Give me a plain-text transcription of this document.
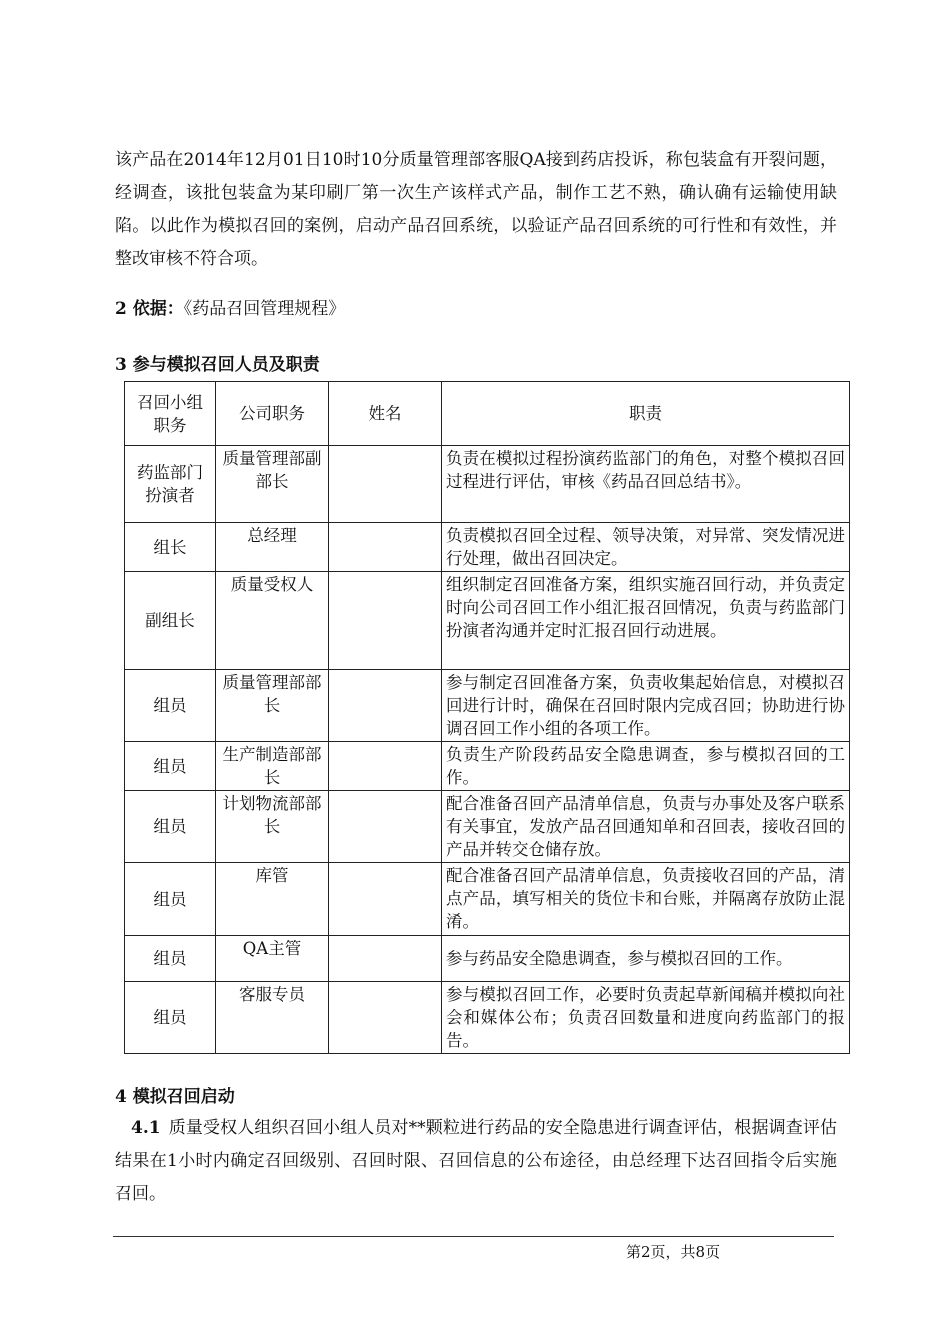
该产品在2014年12月01日10时10分质量管理部客服QA接到药店投诉，称包装盒有开裂问题，经调查，该批包装盒为某印刷厂第一次生产该样式产品，制作工艺不熟，确认确有运输使用缺陷。以此作为模拟召回的案例，启动产品召回系统，以验证产品召回系统的可行性和有效性，并整改审核不符合项。

2 依据：《药品召回管理规程》

3 参与模拟召回人员及职责

召回小组职务	公司职务	姓名	职责
药监部门扮演者	质量管理部副部长		负责在模拟过程扮演药监部门的角色，对整个模拟召回过程进行评估，审核《药品召回总结书》。
组长	总经理		负责模拟召回全过程、领导决策，对异常、突发情况进行处理，做出召回决定。
副组长	质量受权人		组织制定召回准备方案，组织实施召回行动，并负责定时向公司召回工作小组汇报召回情况，负责与药监部门扮演者沟通并定时汇报召回行动进展。
组员	质量管理部部长		参与制定召回准备方案，负责收集起始信息，对模拟召回进行计时，确保在召回时限内完成召回；协助进行协调召回工作小组的各项工作。
组员	生产制造部部长		负责生产阶段药品安全隐患调查，参与模拟召回的工作。
组员	计划物流部部长		配合准备召回产品清单信息，负责与办事处及客户联系有关事宜，发放产品召回通知单和召回表，接收召回的产品并转交仓储存放。
组员	库管		配合准备召回产品清单信息，负责接收召回的产品，清点产品，填写相关的货位卡和台账，并隔离存放防止混淆。
组员	QA主管		参与药品安全隐患调查，参与模拟召回的工作。
组员	客服专员		参与模拟召回工作，必要时负责起草新闻稿并模拟向社会和媒体公布；负责召回数量和进度向药监部门的报告。

4 模拟召回启动

4.1 质量受权人组织召回小组人员对**颗粒进行药品的安全隐患进行调查评估，根据调查评估结果在1小时内确定召回级别、召回时限、召回信息的公布途径，由总经理下达召回指令后实施召回。

第2页，共8页
